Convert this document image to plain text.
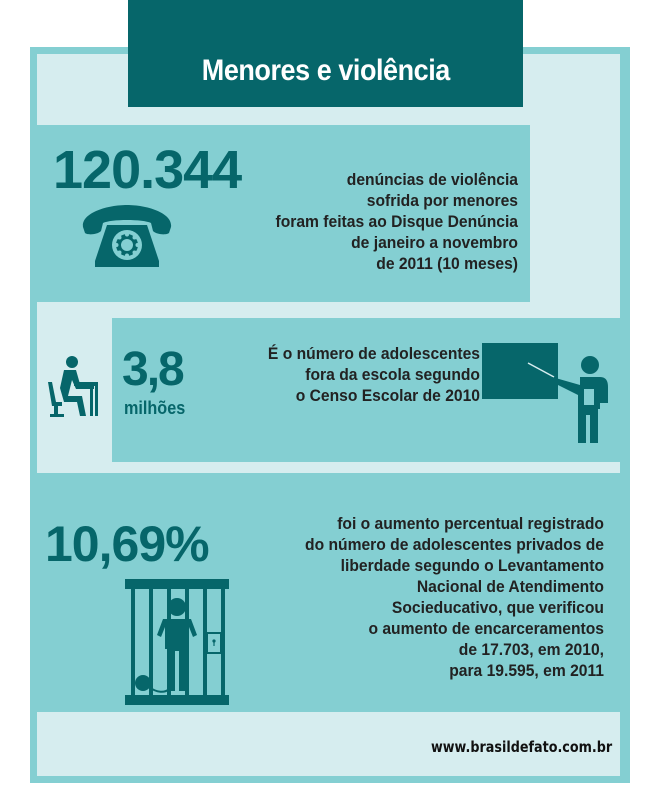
Menores e violência
120.344	denúncias de violência
sofrida por menores
foram feitas ao Disque Denúncia
de janeiro a novembro
de 2011 (10 meses)
3,8
milhões
É o número de adolescentes
fora da escola segundo
o Censo Escolar de 2010
10,69%	foi o aumento percentual registrado
do número de adolescentes privados de
liberdade segundo o Levantamento
Nacional de Atendimento
Socieducativo, que verificou
o aumento de encarceramentos
de 17.703, em 2010,
para 19.595, em 2011
www.brasildefato.com.br
